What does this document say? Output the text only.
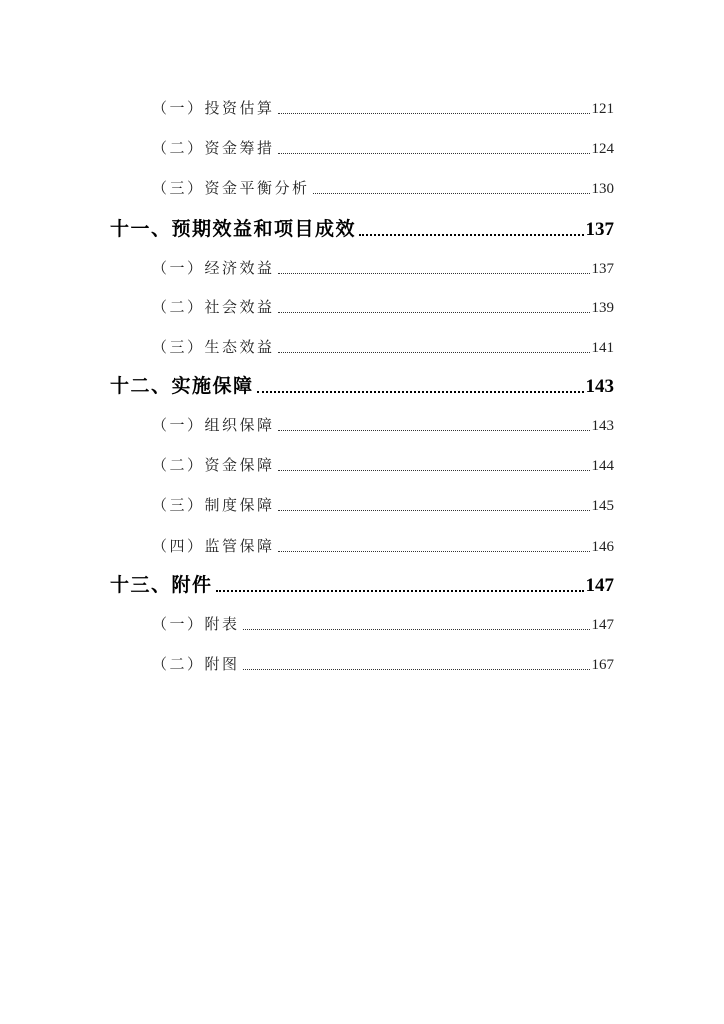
（一）投资估算	121
（二）资金筹措	124
（三）资金平衡分析	130
十一、预期效益和项目成效	137
（一）经济效益	137
（二）社会效益	139
（三）生态效益	141
十二、实施保障	143
（一）组织保障	143
（二）资金保障	144
（三）制度保障	145
（四）监管保障	146
十三、附件	147
（一）附表	147
（二）附图	167
